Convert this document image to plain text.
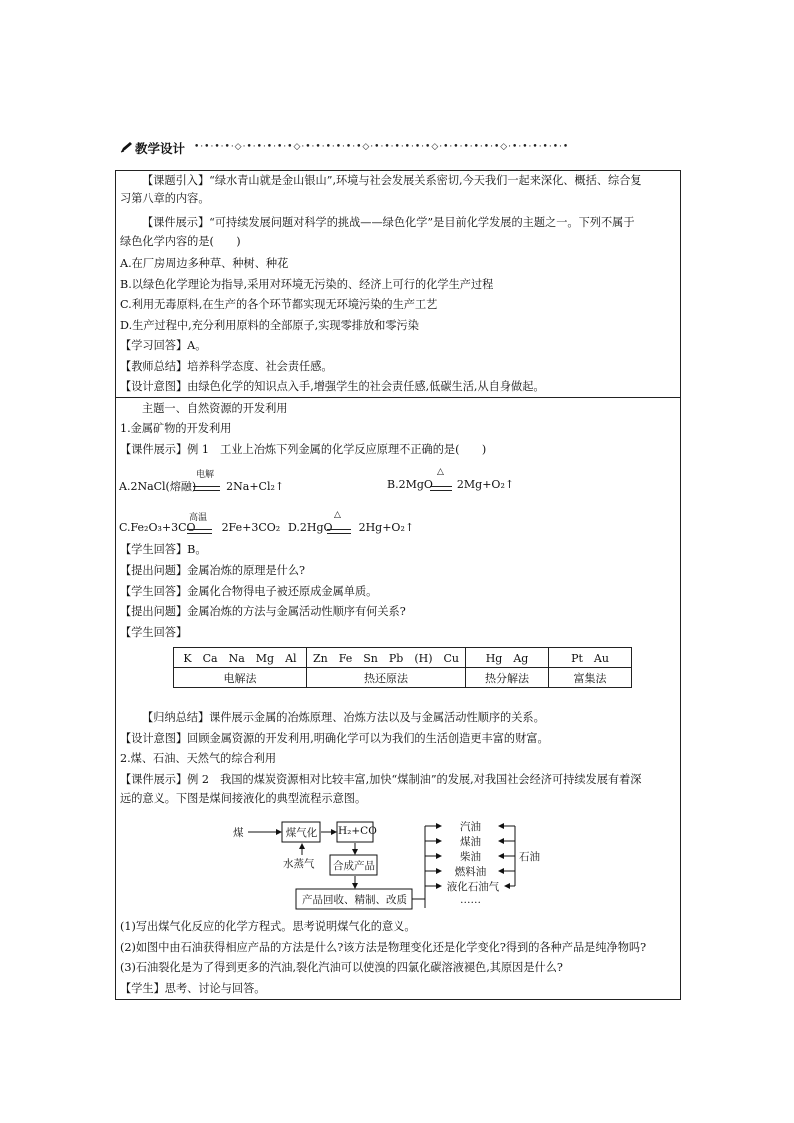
教学设计 •·•·•·•·◇·•·•·•·•·•◇·•·•·•·•·•·•◇·•·•·•·•·•·•◇·•·•·•·•·•·•◇·•·•·•·•·•·•
【课题引入】“绿水青山就是金山银山”,环境与社会发展关系密切,今天我们一起来深化、概括、综合复
习第八章的内容。
【课件展示】“可持续发展问题对科学的挑战——绿色化学”是目前化学发展的主题之一。下列不属于
绿色化学内容的是(　　)
A.在厂房周边多种草、种树、种花
B.以绿色化学理论为指导,采用对环境无污染的、经济上可行的化学生产过程
C.利用无毒原料,在生产的各个环节都实现无环境污染的生产工艺
D.生产过程中,充分利用原料的全部原子,实现零排放和零污染
【学习回答】A。
【教师总结】培养科学态度、社会责任感。
【设计意图】由绿色化学的知识点入手,增强学生的社会责任感,低碳生活,从自身做起。
主题一、自然资源的开发利用
1.金属矿物的开发利用
【课件展示】例 1　工业上冶炼下列金属的化学反应原理不正确的是(　　)
【学生回答】B。
【提出问题】金属冶炼的原理是什么?
【学生回答】金属化合物得电子被还原成金属单质。
【提出问题】金属冶炼的方法与金属活动性顺序有何关系?
【学生回答】
【归纳总结】课件展示金属的冶炼原理、冶炼方法以及与金属活动性顺序的关系。
【设计意图】回顾金属资源的开发利用,明确化学可以为我们的生活创造更丰富的财富。
2.煤、石油、天然气的综合利用
【课件展示】例 2　我国的煤炭资源相对比较丰富,加快“煤制油”的发展,对我国社会经济可持续发展有着深
远的意义。下图是煤间接液化的典型流程示意图。
(1)写出煤气化反应的化学方程式。思考说明煤气化的意义。
(2)如图中由石油获得相应产品的方法是什么?该方法是物理变化还是化学变化?得到的各种产品是纯净物吗?
(3)石油裂化是为了得到更多的汽油,裂化汽油可以使溴的四氯化碳溶液褪色,其原因是什么?
【学生】思考、讨论与回答。
A.2NaCl(熔融)	2Na+Cl₂↑
电解
B.2MgO 2Mg+O₂↑
△
C.Fe₂O₃+3CO 2Fe+3CO₂
高温
D.2HgO 2Hg+O₂↑
△
K　Ca　Na　Mg　Al	Zn　Fe　Sn　Pb　(H)　Cu	Hg　Ag	Pt　Au
电解法	热还原法	热分解法	富集法
煤	煤气化 H₂+CO
水蒸气 合成产品
产品回收、精制、改质
汽油
煤油
柴油
燃料油
液化石油气
……
石油
